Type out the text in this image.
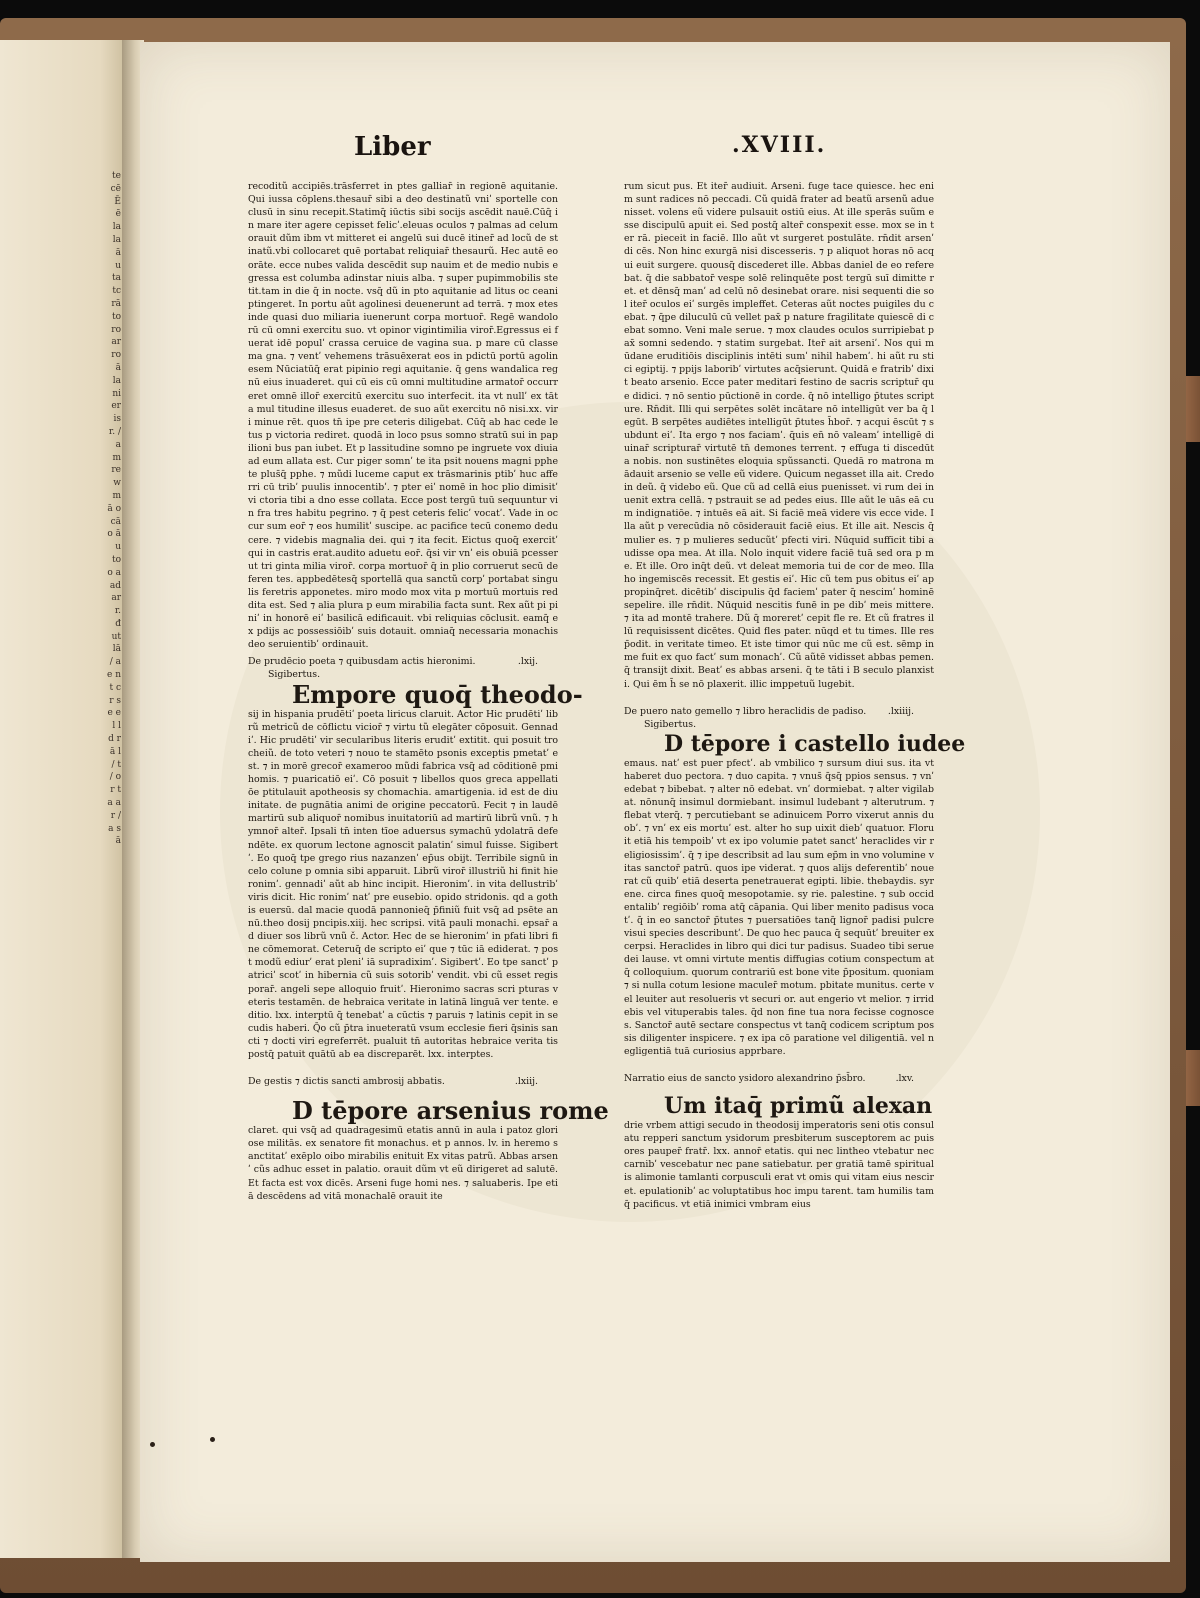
te cē Ē ē la la ā u ta tc rā to ro ar ro ā la ni er is r. / a m re w m ā o cā o ā u to o a ad ar r. đ ut lā / a e n t c r s e e l l d r ā l / t / o r t a a r / a s ā
Liber	.XVIII.

recoditũ accipiēs.trāsferret in ptes galliar̄ in regionē aquitanie. Qui iussa cōplens.thesaur̄ sibi a deo destinatũ vniʹ sportelle con clusū in sinu recepit.Statimq̄ iūctis sibi socijs ascēdit nauē.Cūq̄ in mare iter agere cepisset felicʹ.eleuas oculos ⁊ palmas ad celum orauit dũm ibm vt mitteret ei angelū sui ducē itiner̄ ad locũ de stinatũ.vbi collocaret quē portabat reliquiar̄ thesaurũ. Hec autē eo orāte. ecce nubes valida descēdit sup nauim et de medio nubis egressa est columba adinstar niuis alba. ⁊ super pupimmobilis stetit.tam in die q̄ in nocte. vsq̄ dũ in pto aquitanie ad litus oc ceani ptingeret. In portu aũt agolinesi deuenerunt ad terrā. ⁊ mox etes inde quasi duo miliaria iuenerunt corpa mortuor̄. Regē wandolo rū cū omni exercitu suo. vt opinor vigintimilia viror̄.Egressus ei fuerat idē populʹ crassa ceruice de vagina sua. p mare cū classe ma gna. ⁊ ventʹ vehemens trāsuēxerat eos in pdictū portū agolinesem Nūciatūq̄ erat pipinio regi aquitanie. q̄ gens wandalica regnū eius inuaderet. qui cū eis cū omni multitudine armator̄ occurreret omnē illor̄ exercitū exercitu suo interfecit. ita vt nullʹ ex tāta mul titudine illesus euaderet. de suo aũt exercitu nō nisi.xx. viri minue rēt. quos tn̄ ipe pre ceteris diligebat. Cūq̄ ab hac cede letus p victoria rediret. quodā in loco psus somno stratū sui in papilioni bus pan iubet. Et p lassitudine somno pe ingruete vox diuia ad eum allata est. Cur piger somnʹ te ita psit nouens magni pphete plus̄q̄ pphe. ⁊ mũdi luceme caput ex trāsmarinis ptibʹ huc afferri cū tribʹ puulis innocentibʹ. ⁊ pter eiʹ nomē in hoc plio dimisitʹ vi ctoria tibi a dno esse collata. Ecce post tergū tuū sequuntur vin fra tres habitu pegrino. ⁊ q̄ pest ceteris felicʹ vocatʹ. Vade in occur sum eor̄ ⁊ eos humilitʹ suscipe. ac pacifice tecū conemo deducere. ⁊ videbis magnalia dei. qui ⁊ ita fecit. Eictus quoq̄ exercitʹ qui in castris erat.audito aduetu eor̄. q̄si vir vnʹ eis obuiā pcesserut tri ginta milia viror̄. corpa mortuor̄ q̄ in plio corruerut secū deferen tes. appbedētesq̄ sportellā qua sanctũ corpʹ portabat singu lis feretris apponetes. miro modo mox vita p mortuū mortuis red dita est. Sed ⁊ alia plura p eum mirabilia facta sunt. Rex aũt pi piniʹ in honorē eiʹ basilicā edificauit. vbi reliquias cōclusit. eamq̄ ex pdijs ac possessiōibʹ suis dotauit. omniaq̄ necessaria monachis deo seruientibʹ ordinauit.

De prudēcio poeta ⁊ quibusdam actis hieronimi.	.lxij.

Sigibertus.

Empore quoq̄ theodo-

sij in hispania prudētiʹ poeta liricus claruit. Actor Hic prudētiʹ librũ metricũ de cōflictu vicior̄ ⁊ virtu tũ elegāter cōposuit. Gennadiʹ. Hic prudētiʹ vir secularibus literis eruditʹ extitit. qui posuit trocheiũ. de toto veteri ⁊ nouo te stamēto psonis exceptis pmetatʹ est. ⁊ in morē grecor̄ exameroo mũdi fabrica vsq̄ ad cōditionē pmi homis. ⁊ puaricatiō eiʹ. Cō posuit ⁊ libellos quos greca appellatiōe ptitulauit apotheosis sy chomachia. amartigenia. id est de diuinitate. de pugnātia animi de origine peccatorū. Fecit ⁊ in laudē martirū sub aliquor̄ nomibus inuitatoriū ad martirū librũ vnũ. ⁊ hymnor̄ alter̄. Ipsali tn̄ inten tīoe aduersus symachū ydolatrā defendēte. ex quorum lectone agnoscit palatinʹ simul fuisse. Sigibertʹ. Eo quoq̄ tpe grego rius nazanzenʹ ep̄us obijt. Terribile signū in celo colune p omnia sibi apparuit. Librũ viror̄ illustriũ hi finit hieronimʹ. gennadiʹ aũt ab hinc incipit. Hieronimʹ. in vita dellustribʹ viris dicit. Hic ronimʹ natʹ pre eusebio. opido stridonis. qd a gothis euersū. dal macie quodā pannonieq̄ p̄finiũ fuit vsq̄ ad psēte annū.theo dosij pncipis.xiij. hec scripsi. vitā pauli monachi. epsar̄ ad diuer sos librũ vnũ č. Actor. Hec de se hieronimʹ in pfati libri fine cōmemorat. Ceteruq̄ de scripto eiʹ que ⁊ tūc iā ediderat. ⁊ post modũ ediurʹ erat pleniʹ iā supradiximʹ. Sigibertʹ. Eo tpe sanctʹ patriciʹ scotʹ in hibernia cũ suis sotoribʹ vendit. vbi cũ esset regis porar̄. angeli sepe alloquio fruitʹ. Hieronimo sacras scri pturas veteris testamēn. de hebraica veritate in latinā linguā ver tente. editio. lxx. interptū q̄ tenebatʹ a cūctis ⁊ paruis ⁊ latinis cepit in secudis haberi. Q̄o cũ p̄tra inueteratū vsum ecclesie fieri q̄sinis sancti ⁊ docti viri egreferrēt. pualuit tn̄ autoritas hebraice verita tis postq̄ patuit quātū ab ea discreparēt. lxx. interptes.

De gestis ⁊ dictis sancti ambrosij abbatis.	.lxiij.
D tēpore arsenius rome

claret. qui vsq̄ ad quadragesimū etatis annū in aula i patoz gloriose militās. ex senatore fit monachus. et p annos. lv. in heremo sanctitatʹ exēplo oibo mirabilis enituit Ex vitas patrũ. Abbas arsenʹ cũs adhuc esset in palatio. orauit dũm vt eũ dirigeret ad salutē. Et facta est vox dicēs. Arseni fuge homi nes. ⁊ saluaberis. Ipe etiā descēdens ad vitā monachalē orauit ite

rum sicut pus. Et iter̄ audiuit. Arseni. fuge tace quiesce. hec enim sunt radices nō peccadi. Cũ quidā frater ad beatũ arsenũ adue nisset. volens eũ videre pulsauit ostiū eius. At ille sperās suũm esse discipulū apuit ei. Sed postq̄ alter̄ conspexit esse. mox se in ter rā. pieceit in faciē. Illo aũt vt surgeret postulāte. rn̄dit arsenʹ di cēs. Non hinc exurgā nisi discesseris. ⁊ p aliquot horas nō acqui euit surgere. quousq̄ discederet ille. Abbas daniel de eo refere bat. q̄ die sabbator̄ vespe solē relinquēte post tergū suī dimitte ret. et dēnsq̄ manʹ ad celū nō desinebat orare. nisi sequenti die sol iter̄ oculos eiʹ surgēs impleffet. Ceteras aũt noctes puigiles du cebat. ⁊ q̄pe diluculū cū vellet pax̄ p nature fragilitate quiescē di cebat somno. Veni male serue. ⁊ mox claudes oculos surripiebat pax̄ somni sedendo. ⁊ statim surgebat. Iter̄ ait arseniʹ. Nos qui mūdane eruditiōis disciplinis intēti sumʹ nihil habemʹ. hi aũt ru stici egiptij. ⁊ ppijs laboribʹ virtutes acq̄sierunt. Quidā e fratribʹ dixit beato arsenio. Ecce pater meditari festino de sacris scriptur̄ que didici. ⁊ nō sentio pūctionē in corde. q̄ nō intelligo p̄tutes scripture. Rn̄dit. Illi qui serpētes solēt incātare nō intelligūt ver ba q̄ legūt. B serpētes audiētes intelligūt p̄tutes h̄bor̄. ⁊ acqui ēscūt ⁊ subdunt eiʹ. Ita ergo ⁊ nos faciamʹ. q̄uis en̄ nō valeamʹ intelligē diuinar̄ scripturar̄ virtutē tn̄ demones terrent. ⁊ effuga ti discedūt a nobis. non sustinētes eloquia spũssancti. Quedā ro matrona mādauit arsenio se velle eũ videre. Quicum negasset illa ait. Credo in deũ. q̄ videbo eũ. Que cũ ad cellā eius puenisset. vi rum dei inuenit extra cellā. ⁊ pstrauit se ad pedes eius. Ille aũt le uās eā cum indignatiōe. ⁊ intuēs eā ait. Si faciē meā videre vis ecce vide. Illa aũt p verecūdia nō cōsiderauit faciē eius. Et ille ait. Nescis q̄ mulier es. ⁊ p mulieres seducũtʹ pfecti viri. Nūquid sufficit tibi audisse opa mea. At illa. Nolo inquit videre faciē tuā sed ora p me. Et ille. Oro inq̄t deũ. vt deleat memoria tui de cor de meo. Illa ho ingemiscēs recessit. Et gestis eiʹ. Hic cũ tem pus obitus eiʹ appropinq̄ret. dicētibʹ discipulis q̄d faciemʹ pater q̄ nescimʹ hominē sepelire. ille rn̄dit. Nūquid nescitis funē in pe dibʹ meis mittere. ⁊ ita ad montē trahere. Dũ q̄ moreretʹ cepit fle re. Et cũ fratres illū requisissent dicētes. Quid fles pater. nūqd et tu times. Ille resp̄odit. in veritate timeo. Et iste timor qui nūc me cũ est. sēmp in me fuit ex quo factʹ sum monachʹ. Cũ aũtē vidisset abbas pemen. q̄ transijt dixit. Beatʹ es abbas arseni. q̄ te tāti i B seculo planxisti. Qui ēm h̄ se nō plaxerit. illic imppetuũ lugebit.

De puero nato gemello ⁊ libro heraclidis de padiso. .lxiiij.

Sigibertus.

D tēpore i castello iudee

emaus. natʹ est puer pfectʹ. ab vmbilico ⁊ sursum diui sus. ita vt haberet duo pectora. ⁊ duo capita. ⁊ vnus̄ q̄sq̄ ppios sensus. ⁊ vnʹ edebat ⁊ bibebat. ⁊ alter nō edebat. vnʹ dormiebat. ⁊ alter vigilabat. nōnunq̄ insimul dormiebant. insimul ludebant ⁊ alterutrum. ⁊ flebat vterq̄. ⁊ percutiebant se adinuicem Porro vixerut annis duobʹ. ⁊ vnʹ ex eis mortuʹ est. alter ho sup uixit diebʹ quatuor. Floruit etiā his tempoibʹ vt ex ipo volumie patet sanctʹ heraclides vir religiosissimʹ. q̄ ⁊ ipe describsit ad lau sum ep̄m in vno volumine vitas sanctor̄ patrū. quos ipe viderat. ⁊ quos alijs deferentibʹ nouerat cũ quibʹ etiā deserta penetrauerat egipti. libie. thebaydis. syrene. circa fines quoq̄ mesopotamie. sy rie. palestine. ⁊ sub occidentalibʹ regiōibʹ roma atq̄ cāpania. Qui liber menito padisus vocatʹ. q̄ in eo sanctor̄ p̄tutes ⁊ puersatiōes tanq̄ lignor̄ padisi pulcre visui species describuntʹ. De quo hec pauca q̄ sequūtʹ breuiter excerpsi. Heraclides in libro qui dici tur padisus. Suadeo tibi serue dei lause. vt omni virtute mentis diffugias cotium conspectum atq̄ colloquium. quorum contrariū est bone vite p̄positum. quoniam ⁊ si nulla cotum lesione maculer̄ motum. pbitate munitus. certe vel leuiter aut resolueris vt securi or. aut engerio vt melior. ⁊ irridebis vel vituperabis tales. q̄d non fine tua nora fecisse cognosces. Sanctor̄ autē sectare conspectus vt tanq̄ codicem scriptum possis diligenter inspicere. ⁊ ex ipa cō paratione vel diligentiā. vel negligentiā tuā curiosius apprbare.

Narratio eius de sancto ysidoro alexandrino p̄sb̄ro.	.lxv.
Um itaq̄ primũ alexan

drie vrbem attigi secudo in theodosij imperatoris seni otis consulatu repperi sanctum ysidorum presbiterum susceptorem ac puisores pauper̄ fratr̄. lxx. annor̄ etatis. qui nec lintheo vtebatur nec carnibʹ vescebatur nec pane satiebatur. per gratiā tamē spiritualis alimonie tamlanti corpusculi erat vt omis qui vitam eius nesciret. epulationibʹ ac voluptatibus hoc impu tarent. tam humilis tamq̄ pacificus. vt etiā inimici vmbram eius
